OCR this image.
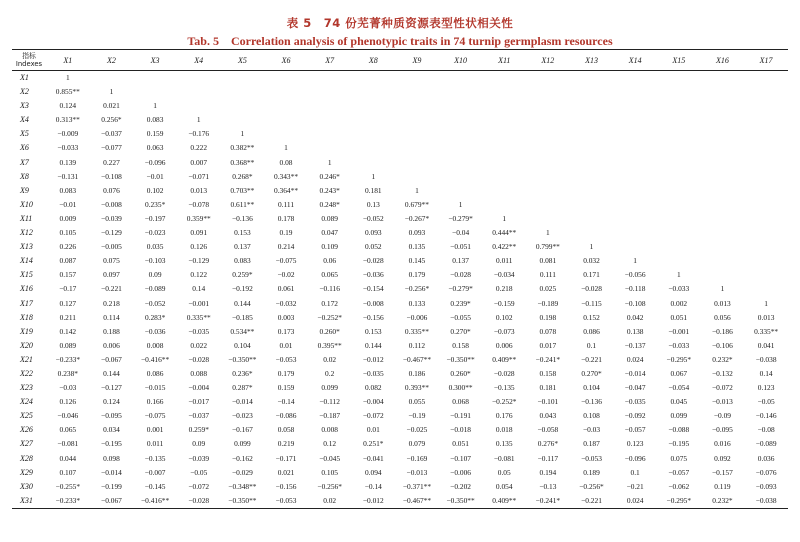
表 5　74 份芜菁种质资源表型性状相关性
Tab. 5　Correlation analysis of phenotypic traits in 74 turnip germplasm resources
指标
Indexes	X1	X2	X3	X4	X5	X6	X7	X8	X9	X10	X11	X12	X13	X14	X15	X16	X17
X1	1																
X2	0.855**	1															
X3	0.124	0.021	1														
X4	0.313**	0.256*	0.083	1													
X5	−0.009	−0.037	0.159	−0.176	1												
X6	−0.033	−0.077	0.063	0.222	0.382**	1											
X7	0.139	0.227	−0.096	0.007	0.368**	0.08	1										
X8	−0.131	−0.108	−0.01	−0.071	0.268*	0.343**	0.246*	1									
X9	0.083	0.076	0.102	0.013	0.703**	0.364**	0.243*	0.181	1								
X10	−0.01	−0.008	0.235*	−0.078	0.611**	0.111	0.248*	0.13	0.679**	1							
X11	0.009	−0.039	−0.197	0.359**	−0.136	0.178	0.089	−0.052	−0.267*	−0.279*	1						
X12	0.105	−0.129	−0.023	0.091	0.153	0.19	0.047	0.093	0.093	−0.04	0.444**	1					
X13	0.226	−0.005	0.035	0.126	0.137	0.214	0.109	0.052	0.135	−0.051	0.422**	0.799**	1				
X14	0.087	0.075	−0.103	−0.129	0.083	−0.075	0.06	−0.028	0.145	0.137	0.011	0.081	0.032	1			
X15	0.157	0.097	0.09	0.122	0.259*	−0.02	0.065	−0.036	0.179	−0.028	−0.034	0.111	0.171	−0.056	1		
X16	−0.17	−0.221	−0.089	0.14	−0.192	0.061	−0.116	−0.154	−0.256*	−0.279*	0.218	0.025	−0.028	−0.118	−0.033	1	
X17	0.127	0.218	−0.052	−0.001	0.144	−0.032	0.172	−0.008	0.133	0.239*	−0.159	−0.189	−0.115	−0.108	0.002	0.013	1
X18	0.211	0.114	0.283*	0.335**	−0.185	0.003	−0.252*	−0.156	−0.006	−0.055	0.102	0.198	0.152	0.042	0.051	0.056	0.013
X19	0.142	0.188	−0.036	−0.035	0.534**	0.173	0.260*	0.153	0.335**	0.270*	−0.073	0.078	0.086	0.138	−0.001	−0.186	0.335**
X20	0.089	0.006	0.008	0.022	0.104	0.01	0.395**	0.144	0.112	0.158	0.006	0.017	0.1	−0.137	−0.033	−0.106	0.041
X21	−0.233*	−0.067	−0.416**	−0.028	−0.350**	−0.053	0.02	−0.012	−0.467**	−0.350**	0.409**	−0.241*	−0.221	0.024	−0.295*	0.232*	−0.038
X22	0.238*	0.144	0.086	0.088	0.236*	0.179	0.2	−0.035	0.186	0.260*	−0.028	0.158	0.270*	−0.014	0.067	−0.132	0.14
X23	−0.03	−0.127	−0.015	−0.004	0.287*	0.159	0.099	0.082	0.393**	0.300**	−0.135	0.181	0.104	−0.047	−0.054	−0.072	0.123
X24	0.126	0.124	0.166	−0.017	−0.014	−0.14	−0.112	−0.004	0.055	0.068	−0.252*	−0.101	−0.136	−0.035	0.045	−0.013	−0.05
X25	−0.046	−0.095	−0.075	−0.037	−0.023	−0.086	−0.187	−0.072	−0.19	−0.191	0.176	0.043	0.108	−0.092	0.099	−0.09	−0.146
X26	0.065	0.034	0.001	0.259*	−0.167	0.058	0.008	0.01	−0.025	−0.018	0.018	−0.058	−0.03	−0.057	−0.088	−0.095	−0.08
X27	−0.081	−0.195	0.011	0.09	0.099	0.219	0.12	0.251*	0.079	0.051	0.135	0.276*	0.187	0.123	−0.195	0.016	−0.089
X28	0.044	0.098	−0.135	−0.039	−0.162	−0.171	−0.045	−0.041	−0.169	−0.107	−0.081	−0.117	−0.053	−0.096	0.075	0.092	0.036
X29	0.107	−0.014	−0.007	−0.05	−0.029	0.021	0.105	0.094	−0.013	−0.006	0.05	0.194	0.189	0.1	−0.057	−0.157	−0.076
X30	−0.255*	−0.199	−0.145	−0.072	−0.348**	−0.156	−0.256*	−0.14	−0.371**	−0.202	0.054	−0.13	−0.256*	−0.21	−0.062	0.119	−0.093
X31	−0.233*	−0.067	−0.416**	−0.028	−0.350**	−0.053	0.02	−0.012	−0.467**	−0.350**	0.409**	−0.241*	−0.221	0.024	−0.295*	0.232*	−0.038
